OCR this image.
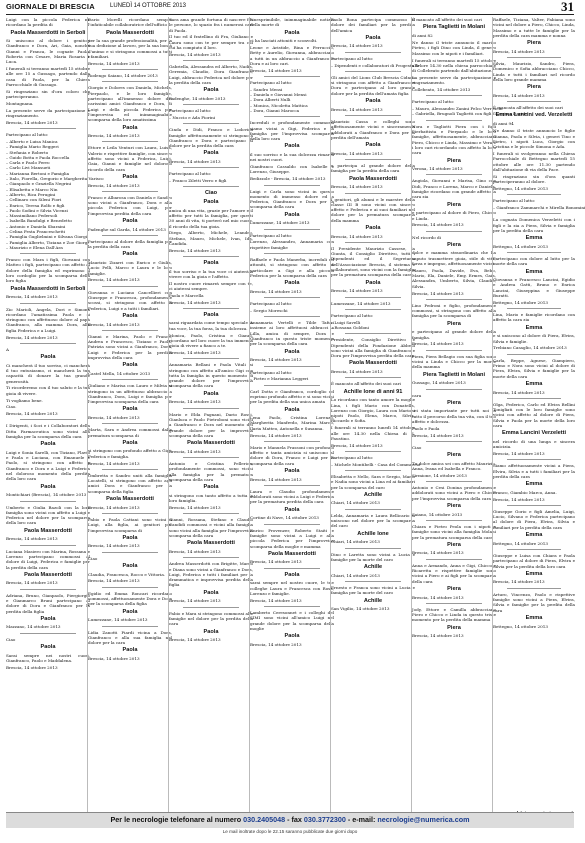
GIORNALE DI BRESCIA	LUNEDÌ 14 OTTOBRE 2013	31

Luigi con la piccola Federica ne ricordano la perdita di

Paola Masserdotti in Serboli

Si uniscono al dolore i genitori Gianfranco e Dora, Ari, Gaia, nonché Gianni e Franca, le cognate Paola, Roberta con Cesare, Maria Rosaria e Luca.

I funerali si terranno martedì 15 ottobre alle ore 15 a Gussago, partendo dalla casa di Paola, per la Chiesa Parrocchiale di Gussago.

Si ringraziano sin d'ora coloro che parteciperanno.

Montagnana.

La presente serve da partecipazione e ringraziamento.

Brescia, 14 ottobre 2013

Partecipano al lutto:

– Alberto e Luisa Manica
– Famiglia Mario Reggeri
– Stefania e Roberto
– Guido Botta e Paola Roccella
– Carla e Paolo Ferro
– Carlo Livi Mansueti
– Marianna Bertoni e Famiglia
– Italo, Fiorella, Gregorio e Margherita Varisco
– Gianpaolo e Graziella Negrini
– Elisabetta e Marco Nin
– Alberto, Rica Perugini
– Cellinaro con Sileni Fiori
– Enrico, Teresa Rolfo e figli
– Paolo Sodini e Silvia Vicenzi
– Massimiliano Pedersoli
– Isabella Bandulgi e Benedetto
– Antonio e Daniela Sbaraini
– Celina Festa Franceschetti
– Famiglia Guglielmini e Silvana Giorgi
– Famiglia Alberto, Tiziana e Zoe Giorgi
– Maurizio e Elena Dall'Ara

Franco con Mara i figli, Giovanni con Matteo i figli, partecipano con affetto al dolore della famiglia ed esprimono il loro cordoglio per la scomparsa della loro figlia

Paola Masserdotti in Serboli

Brescia, 14 ottobre 2013

Zio Marioli, Angela, Dori e Simona ricordano l'amatissima Paola e si stringono con affettuoso dolore al papà Gianfranco, alla mamma Dora, alla figlia Federica e a Luigi.

Brescia, 14 ottobre 2013

A

Paola

Ci mancherà il tuo sorriso, ci mancherà il tuo entusiasmo, ci mancherà la tua capacità di donare la tua grande generosità.

Ti ricorderemo con il tuo saluto e la tua gioia di vivere.

Ti vogliamo bene.

Ciao.

Brescia, 14 ottobre 2013

I Dirigenti, i Soci e i Collaboratori della Ditta Farmaceutica sono vicini alla famiglia per la scomparsa della cara

Paola

Luigi e Sonia Sarelli, con Tiziano, Flavio e Paola e Luciana, con Emanuele e Paolo, si stringono con affetto a Gianfranco e Dora e a Luigi e Federica nel doloroso momento della perdita della loro cara

Paola

Montichiari (Brescia), 14 ottobre 2013

Umberto e Giulia Bazoli con la loro famiglia sono vicini con affetto a Luigi e Federica nel dolore per la scomparsa della loro cara

Paola Masserdotti

Brescia, 14 ottobre 2013

Luciana Masiero con Marina, Rossana e Lorenzo partecipano commossi al dolore di Luigi, Federica e famiglie per la perdita della cara

Paola Masserdotti

Brescia, 14 ottobre 2013

Adriana, Bruno, Gianpaolo, Piergiorgio e Gianmarco Bruni partecipano al dolore di Dora e Gianfranco per la perdita della figlia

Paola

Mazzano, 14 ottobre 2013

Ciao

Paola

Sarai sempre nei nostri cuori. Gianfranco, Paolo e Maddalena.

Brescia, 14 ottobre 2013

Dario Morelli ricordano sempre l'infaticabile collaboratrice dell'ufficio

Paola Masserdotti

per la sua grande professionalità, per la sua dedizione al lavoro, per la sua bontà d'animo e si stringono commossi a tutti i familiari.

Brescia, 14 ottobre 2013

Rodengo Saiano, 14 ottobre 2013

Giorgio e Dolores con Daniela, Michela, Pierpaolo, e le loro famiglie, partecipano all'immenso dolore dei carissimi amici Gianfranco e Dora, di Luigi e della piccola Federica per l'improvvisa ed inimmaginabile scomparsa della loro amatissima

Paola

Brescia, 14 ottobre 2013

Ettore e Leila Venturi con Laura, Luisa, Valerio e rispettive famiglie, con sincero affetto sono vicini a Federica, Luigi, Gaia, Gianni e famiglie nel doloroso ricordo della cara

Paola

Brescia, 14 ottobre 2013

Franco e Albarosa con Daniela e Sandro sono vicini a Gianfranco, Dora e alla piccola Federica con Luigi, per l'improvvisa perdita della cara

Paola

Padenghe sul Garda, 14 ottobre 2013

Partecipano al dolore della famiglia per la perdita della cara

Paola

Maurizio Zizarri con Enrico e Giulia, Lucio Pelli, Marco e Laura e le loro famiglie.

Brescia, 14 ottobre 2013

Giovanna e Luciano Cancellieri con Giuseppe e Francesca, profondamente scossi, si stringono con affetto a Federica, Luigi e a tutti i familiari.

Paola

Brescia, 14 ottobre 2013

Gianni e Marina, Paolo e Franco, Andrea e Francesco, Tiziano e Paola, Patrizia sono vicini a Gianfranco, Dora, Luigi e Federica per la perdita improvvisa della cara

Paola

Castel Mella, 14 ottobre 2013

Giuliano e Marisa con Lauro e Milvia si stringono in un affettuoso abbraccio a Gianfranco, Dora, Luigi e famiglia per l'improvvisa scomparsa della cara

Paola

Brescia, 14 ottobre 2013

Marta, Sara e Andrea commossi dalla prematura scomparsa di

Paola

si stringono con profondo affetto a Gigi, Federica e famiglia.

Brescia, 14 ottobre 2013

Ombretta e Sandro uniti alla famiglia Locatelli, si stringono con affetto agli amici Dora e Gianfranco per la scomparsa della figlia

Paola Masserdotti

Brescia, 14 ottobre 2013

Fabio e Paola Cattani sono vicini a Luigi, alla figlia, ai genitori per l'improvvisa scomparsa di

Paola

Brescia, 14 ottobre 2013

Ciao

Paola

Claudia, Francesca, Rocco e Vittoria.

Brescia, 14 ottobre 2013

Egidio ed Emma Roncari ricordano commossi, affettuosamente Dora e Dora per la scomparsa della figlia

Paola

Lumezzane, 14 ottobre 2013

Lidia Zanotti Piardi vicina a Dora, Gianfranco e alla sua famiglia nel dolore per la cara

Paola

Brescia, 14 ottobre 2013

Sara ama grande fortuna di nascere fra le persone, lo spazio fra i numerosi cari di Paola.

Il tuo ed il fratellino di Fra, Giuliano e Laura sono con te per sempre tra cui cui ha compiuto il loro.

Brescia, 14 ottobre 2013

Gabriella, Alessandra ed Alberto, Nadia, Geremia, Claudio, Dora Gianfranco, Luigi, abbraccio Federica nel dolore per la perdita della cara

Paola

Padenghe, 14 ottobre 2013

Partecipano al lutto:

– Nuccio e Ada Fiorini

Cinda e Didi, Franco e Lodovica famiglie affettuosamente si stringono a Gianfranco e Dora e partecipano al dolore per la perdita della cara

Paola

Brescia, 14 ottobre 2013

Partecipano al lutto:

– Franco Ziletti Verro e figli

Ciao

Paola

amica di una vita, grazie per l'amore e il affetto per tutti la famiglia, per questi 30 anni di vita, ti porterò nel mio cuore, il ricordo della tua gioia.

Diego, Alberto, Michele, Leandro, Stefano, Mauro, Michele, Ivan, Ida, Candida.

Brescia, 14 ottobre 2013

Paola

il tuo sorriso e la tua voce ci aiuterà a vivere con la gioia e l'affetto.

Il nostro cuore rimarrà sempre con te, ci aiuterai sempre.

Paola e Marcella

Brescia, 14 ottobre 2013

Paola

sarai riguardata come tempo speciale la tua voce, la tua forza, la tua dolcezza.

Monica, Paolo, Cristina e Gianni, ricordano nel loro cuore la tua immensa gioia di vivere a fianco a te.

Brescia, 14 ottobre 2013

Annamaria Bellani e Paola Vitali si stringono con affetto all'amico Gigi con tutta la famiglia in questo momento di grande dolore per l'improvvisa scomparsa della cara

Paola

Brescia, 14 ottobre 2013

Mario e Elda Pagnani, Dario Rossi, Gianluca e Paolo Pietroboni sono vicini a Gianfranco e Dora nel momento del grande dolore per la improvvisa scomparsa della cara

Paola Masserdotti

Brescia, 14 ottobre 2013

Antonio e Cristina Pellerico, profondamente commossi, sono vicini alla famiglia per la prematura scomparsa della cara

Paola

si stringono con tanto affetto a tutta la loro famiglia.

Brescia, 14 ottobre 2013

Gianni, Rossana, Stefano e Claudio Candidi commossi e vicini alla famiglia sono vicini alla famiglia per l'improvvisa scomparsa della cara

Paola Masserdotti

Brescia, 14 ottobre 2013

Andrea Masserdotti con Brigitte, Marco e Diana sono vicini a Gianfranco e Dora, Luigi, Federica e tutti i familiari per la drammatica e improvvisa perdita della figlia

Paola

Brescia, 14 ottobre 2013

Fabio e Mara si stringono commossi alle famiglie nel dolore per la perdita della cara

Paola

Brescia, 14 ottobre 2013

l'inesprimibile, inimmaginabile notizia della morte di

Paola

ci ha lasciati attoniti e sconvolti.

Leone e Aristide, Rina e Ferruccio, Betty e Aurelio, Giovanna, abbracciano a tutti in un abbraccio a Gianfranco e Dora e ai loro cari.

Brescia, 14 ottobre 2013

Partecipano al lutto:

– Sandro Mensi
– Daniela e Giovanni Mensi
– Dora Alberti Nulli
– Monica, Nicoletta Mattica
– Dora, Gianni Marocca

Increduli e profondamente commossi siamo vicini a Gigi, Federica e la famiglia per l'improvvisa scomparsa della loro cara

Paola

il suo sorriso e la sua dolcezza rimarrà nei nostri cuori.

Gianfranco Cassaldo con Isabelle e Lorenzo, Giuseppe.

Bedizzole - Brescia, 14 ottobre 2013

Luigi e Carla sono vicini in questo momento di immenso dolore ed a Federica, Gianfranco e Dora per la scomparsa della cara

Paola

Lumezzane, 14 ottobre 2013

Partecipano al lutto:

Lorenzo, Alessandro, Annamaria con rispettive famiglie

Raffaele e Paola Manerba, increduli ed attoniti, si stringono con affetto in particolare a Gigi e alla piccola Federica per la scomparsa della cara

Paola

Brescia, 14 ottobre 2013

Partecipano al lutto:

– Sergio Moreschi

Annamaria Vertelli e Tilde Tafuri insieme ai loro affettuosi abbracci a Lilla, amica di sempre, Dora e Gianfranco in questo triste momento per la scomparsa della cara

Paola

Brescia, 14 ottobre 2013

Partecipano al lutto:

– Pietro e Marianna Leggeri

Carl Dotta e Gianfranco, cordoglio ed esprimo profondo affetto e si sono vicini per la perdita della sua unica amata

Paola

Lena Paolo, Cristina Lorenzo, Margherita Manfredo, Marina Marco, Ilaria Matteo, Antonella e Susanna.

Brescia, 14 ottobre 2013

Mario e Manuela Frassoni con profondo affetto e tanta amicizia si uniscono al dolore di Dora, Franco e Luigi per la scomparsa della cara

Paola

Brescia, 14 ottobre 2013

Laura e Claudio profondamente addolorati sono vicini a Luigi e Federica per la prematura perdita della cara

Paola

Cortine di Nave, 14 ottobre 2013

Enrico Provenzer, Roberto Staiti e famiglie sono vicini a Luigi e alla piccola Federica per l'improvvisa scomparsa della moglie e mamma

Paola Masserdotti

Brescia, 14 ottobre 2013

Paola

sarai sempre nel nostro cuore, le tue colleghe Laura e Francesca con Rosa, Lorenzo e famiglie.

Brescia, 14 ottobre 2013

Lamberto Ceresonnet e i colleghi del SIMI sono vicini all'amico Luigi nel grande dolore per la scomparsa della moglie

Paola

Brescia, 14 ottobre 2013

Paolo Bona partecipa commosso al dolore dei familiari per la perdita dell'amica

Paola

Brescia, 14 ottobre 2013

Partecipano al lutto:

– Dipendenti e collaboratori di Progesta Srl

Gli amici del Lions Club Brescia Cidneo si stringono con affetto a Gianfranco e Dora e partecipano al loro grande dolore per la perdita dell'amata figlia

Paola

Brescia, 14 ottobre 2013

Maurizio Cassa e colleghi sono affettuosamente vicini e sinceramente addolorati a Gianfranco e Dora per la perdita dell'amata

Paola

Brescia, 14 ottobre 2013

e partecipa al grande dolore della famiglia per la perdita della cara

Paola Masserdotti

Brescia, 14 ottobre 2013

I genitori, gli alunni e le maestre della classe III B sono vicini con sincero affetto e Federica e ai suoi familiari nel dolore per la prematura scomparsa della mamma

Paola

Brescia, 14 ottobre 2013

Il Presidente Maurizio Cassese, la Giunta, il Consiglio Direttivo, tutti i Dipendenti ed il Segretario dell'Associazione Brescia, il sistema e collaboratori, sono vicini con la famiglia per la prematura scomparsa della cara

Paola

Brescia, 14 ottobre 2013

Lumezzane, 14 ottobre 2013

Partecipano al lutto:

– Luigi Savelli
– Rossana Goldoni

Presidente, Consiglio Direttivo e Dipendenti della Fondazione Abbelli sono vicini alla famiglia di Gianfranco e Dora per l'improvvisa perdita della cara

Paola Masserdotti

Brescia, 14 ottobre 2013

È mancato all'affetto dei suoi cari

Achille Ione di anni 91

Lo ricordano con tanto amore la moglie Lina, i figli Mario con Donatella, Lorenzo con Giorgio, Laura con Mario, i nipoti Paolo, Elena, Marco, Silvia, Riccardo e Sofia.

I funerali si terranno lunedì 14 ottobre alle ore 14.30 nella Chiesa di S. Faustino.

Brescia, 14 ottobre 2013

Partecipano al lutto:

– Michele Montibelli - Casa del Commercio

Elisabetta e Nello, Sara e Sergio, Mario e Nadia sono vicini a Lina ed ai familiari per la scomparsa del caro

Achille

Chiari, 14 ottobre 2013

Lelda, Annamaria e Laura Bellicario si uniscono nel dolore per la scomparsa del caro

Achille Ione

Chiari, 14 ottobre 2013

Dino e Laretta sono vicini a Lucia e famiglie per la morte del caro

Achille

Chiari, 14 ottobre 2013

Ernesto e Franca sono vicini a Lucia e famiglia per la morte del caro

Achille

San Vigilio, 14 ottobre 2013

È mancato all'affetto dei suoi cari

Piera Taglietti in Molani

di anni 82

Ne danno il triste annuncio il marito Pietro, i figli Dino con Linda, il genero Massimo con le nipoti e i familiari.

I funerali si terranno martedì 15 ottobre alle ore 14.30 nella chiesa parrocchiale di Collebeato partendo dall'abitazione.

La presente serve da partecipazione e ringraziamento.

Collebeato, 14 ottobre 2013

Partecipano al lutto:

– Mauro, Alessandro Zanini Felco Verreschi
– Gabriella, Brugnoli Taglietti con figli Giorgia e Davide

Nora e Tagliotti Piera con i figli Pierbattista e Pierpaolo e le loro famiglie, affettuosamente, abbracciano Piero, Chicco e Linda, Massimo e Vera e i loro cari ricordando con affetto la loro cara

Piera

Verona, 14 ottobre 2013

Angiola, Giovanni e Marisa, Gino con Didi, Franco e Lorena, Marco e Daniela, famiglie ricordano con grande affetto la cara zia

Piera

e partecipano al dolore di Piero, Chicco e Linda.

Brescia, 14 ottobre 2013

Nel ricordo di

Piera

dolce e mamma straordinaria che ha saputo trasmettere gioia, stile di vita, forza e impegno, affettuosamente vicini.

Mauro, Paola, Davide, Eva, Bebo, Mario, Ela, Daniele, Emy, Ermes, Gaia, Alessandra, Umberto, Silvia, Claudio, Silvia.

Brescia, 14 ottobre 2013

Lino Pedroni e figlio, profondamente commossi, si stringono con affetto alla famiglia per la scomparsa di

Piera

e partecipano al grande dolore della famiglia.

Brescia, 14 ottobre 2013

Piera, Piera Bellagio con sua figlia sono vicini a Linda e Chicco per la morte della mamma

Piera Taglietti in Molani

Gussago, 14 ottobre 2013

cara

Piera

sei stata importante per tutti noi in tutto il percorso della tua vita, con il tuo affetto e dolcezza.

Paolo e Paola

Brescia, 14 ottobre 2013

Ciao

Piera

Tu dolce amica sei con affetto Maurizio, Anna, Ivana ed Isabella e Franco.

Sirmione, 14 ottobre 2013

Antonio e Cesi Donina profondamente addolorati sono vicini a Piero e Chicco per l'improvvisa scomparsa della cara

Piera

Saiano, 14 ottobre 2013

Chiara e Pietro Peola con i nipoti e famiglie sono vicini alla famiglia Molani per la prematura scomparsa della cara

Piera

Brescia, 14 ottobre 2013

Anna e Armando, Anna e Gigi, Chicco e Ricaretta e rispettive famiglie sono vicini a Piero e ai figli per la scomparsa della cara

Piera

Brescia, 14 ottobre 2013

Jody, Ettore e Camilla abbracciano Piero e Chicco e Linda in questo triste momento per la perdita della mamma

Piera

Brescia, 14 ottobre 2013

Raffaele, Tiziana, Valter, Fabiana sono vicini nel dolore a Piero, Chicco, Linda, Massimo e a tutte le famiglie per la perdita della cara mamma e nonna

Piera

Brescia, 14 ottobre 2013

Silvia, Maurizio, Sandro, Piera, Domenico e Sofia abbracciano Chicco, Linda e tutti i familiari nel ricordo della loro grande mamma

Piera

Brescia, 14 ottobre 2013

È mancata all'affetto dei suoi cari

Emma Lancini ved. Verzeletti

di anni 94

Ne danno il triste annuncio le figlie Gianna, Paola e Silvia, i generi Tino e Pietro, i nipoti Luca, Giorgio con Cristina e le piccole Simona e Ada.

I funerali si svolgeranno nella Chiesa Parrocchiale di Bettegno martedì 15 ottobre alle ore 11.30 partendo dall'abitazione di via della Pace.

Si ringraziano sin d'ora quanti parteciperanno al dolore.

Bettegno, 14 ottobre 2013

Partecipano al lutto:

– Gianfranco Zammarchi e Mirella Bonomini

La cognata Domenica Verzeletti con i figli e la zia a Piera, Silvia e famiglia per la perdita della cara

Emma

Bettegno, 14 ottobre 2013

Partecipano con dolore al lutto per la morte della cara

Emma

Giovanna e Francesco Lancini, Egidio e Andrea Gatti, Bruno e Enrica Lancini, Giuseppina e Giuseppe Buratti.

Bettegno, 14 ottobre 2013

Lina, Mario e famiglie ricordano con affetto la cara zia

Emma

e si uniscono al dolore di Piera, Elvira, Silvia e famiglie.

Trebiano Casaglio, 14 ottobre 2013

Carla, Beppe, Agnese, Giampiero, Primo e Nora sono vicini al dolore di Piera, Elvira, Silvia e famiglie per la morte della cara

Emma

Brescia, 14 ottobre 2013

Olga, Federico, Carlo ed Elvira Bellini Tonigliati con le loro famiglie sono vicini con affetto al dolore di Piera, Silvia e Paola per la morte della loro cara

Emma Lancini Verzeletti

nel ricordo di una lunga e sincera amicizia.

Brescia, 14 ottobre 2013

Siamo affettuosamente vicini a Piera, Elvira, Silvia e a tutti i familiari per la perdita della cara

Emma

Franco, Giambio Marco, Anna.

Brescia, 14 ottobre 2013

Giuseppe Gorio e figli Amelia, Luigi, Lucio, Silvano e Federica partecipano al dolore di Piera, Elvira, Silvia e familiari per la perdita della cara

Emma

Bettegno, 14 ottobre 2013

Giuseppe e Luisa con Chiara e Paola partecipano al dolore di Piera, Elvira e Silvia per la perdita della loro cara

Emma

Brescia, 14 ottobre 2013

Arturo, Vincenzo, Paolo e rispettive famiglie sono vicini a Piera, Elvira, Silvia e famiglie per la perdita della cara

Emma

Bettegno, 14 ottobre 2013

Per le necrologie telefonare al numero 030.2405048 - fax 030.3772300 - e-mail: necrologie@numerica.com
Le mail inoltrate dopo le 22.15 saranno pubblicate due giorni dopo
